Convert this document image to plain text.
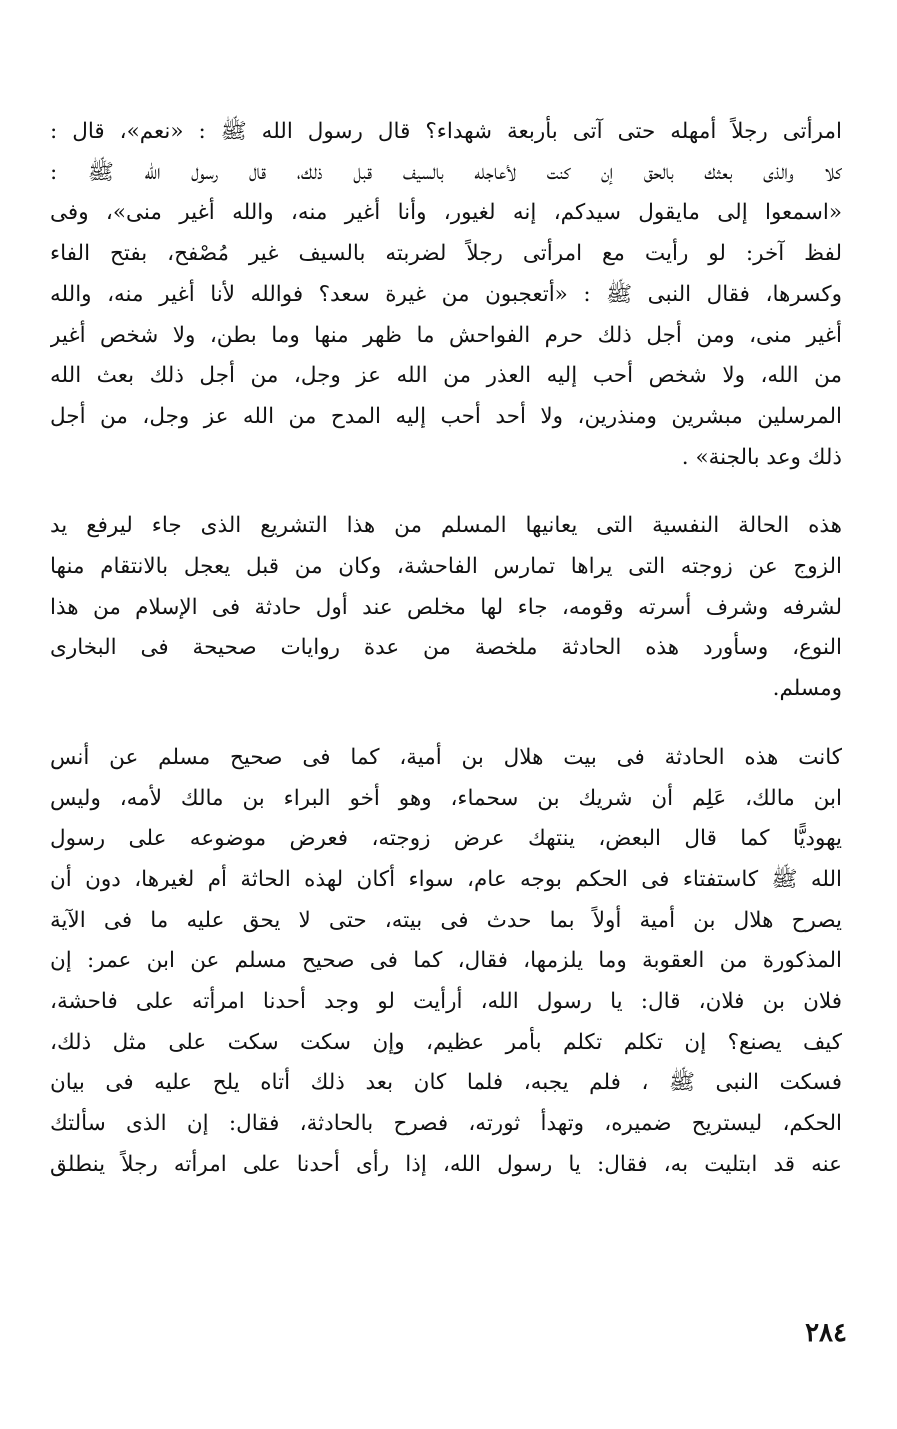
امرأتى رجلاً أمهله حتى آتى بأربعة شهداء؟ قال رسول الله ﷺ : «نعم»، قال :
كلا والذى بعثك بالحق إن كنت لأعاجله بالسيف قبل ذلك، قال رسول الله ﷺ :
«اسمعوا إلى مايقول سيدكم، إنه لغيور، وأنا أغير منه، والله أغير منى»، وفى
لفظ آخر: لو رأيت مع امرأتى رجلاً لضربته بالسيف غير مُصْفح، بفتح الفاء
وكسرها، فقال النبى ﷺ : «أتعجبون من غيرة سعد؟ فوالله لأنا أغير منه، والله
أغير منى، ومن أجل ذلك حرم الفواحش ما ظهر منها وما بطن، ولا شخص أغير
من الله، ولا شخص أحب إليه العذر من الله عز وجل، من أجل ذلك بعث الله
المرسلين مبشرين ومنذرين، ولا أحد أحب إليه المدح من الله عز وجل، من أجل
ذلك وعد بالجنة» .

هذه الحالة النفسية التى يعانيها المسلم من هذا التشريع الذى جاء ليرفع يد
الزوج عن زوجته التى يراها تمارس الفاحشة، وكان من قبل يعجل بالانتقام منها
لشرفه وشرف أسرته وقومه، جاء لها مخلص عند أول حادثة فى الإسلام من هذا
النوع، وسأورد هذه الحادثة ملخصة من عدة روايات صحيحة فى البخارى
ومسلم.

كانت هذه الحادثة فى بيت هلال بن أمية، كما فى صحيح مسلم عن أنس
ابن مالك، عَلِم أن شريك بن سحماء، وهو أخو البراء بن مالك لأمه، وليس
يهوديًّا كما قال البعض، ينتهك عرض زوجته، فعرض موضوعه على رسول
الله ﷺ كاستفتاء فى الحكم بوجه عام، سواء أكان لهذه الحاثة أم لغيرها، دون أن
يصرح هلال بن أمية أولاً بما حدث فى بيته، حتى لا يحق عليه ما فى الآية
المذكورة من العقوبة وما يلزمها، فقال، كما فى صحيح مسلم عن ابن عمر: إن
فلان بن فلان، قال: يا رسول الله، أرأيت لو وجد أحدنا امرأته على فاحشة،
كيف يصنع؟ إن تكلم تكلم بأمر عظيم، وإن سكت سكت على مثل ذلك،
فسكت النبى ﷺ ، فلم يجبه، فلما كان بعد ذلك أتاه يلح عليه فى بيان
الحكم، ليستريح ضميره، وتهدأ ثورته، فصرح بالحادثة، فقال: إن الذى سألتك
عنه قد ابتليت به، فقال: يا رسول الله، إذا رأى أحدنا على امرأته رجلاً ينطلق

٢٨٤
